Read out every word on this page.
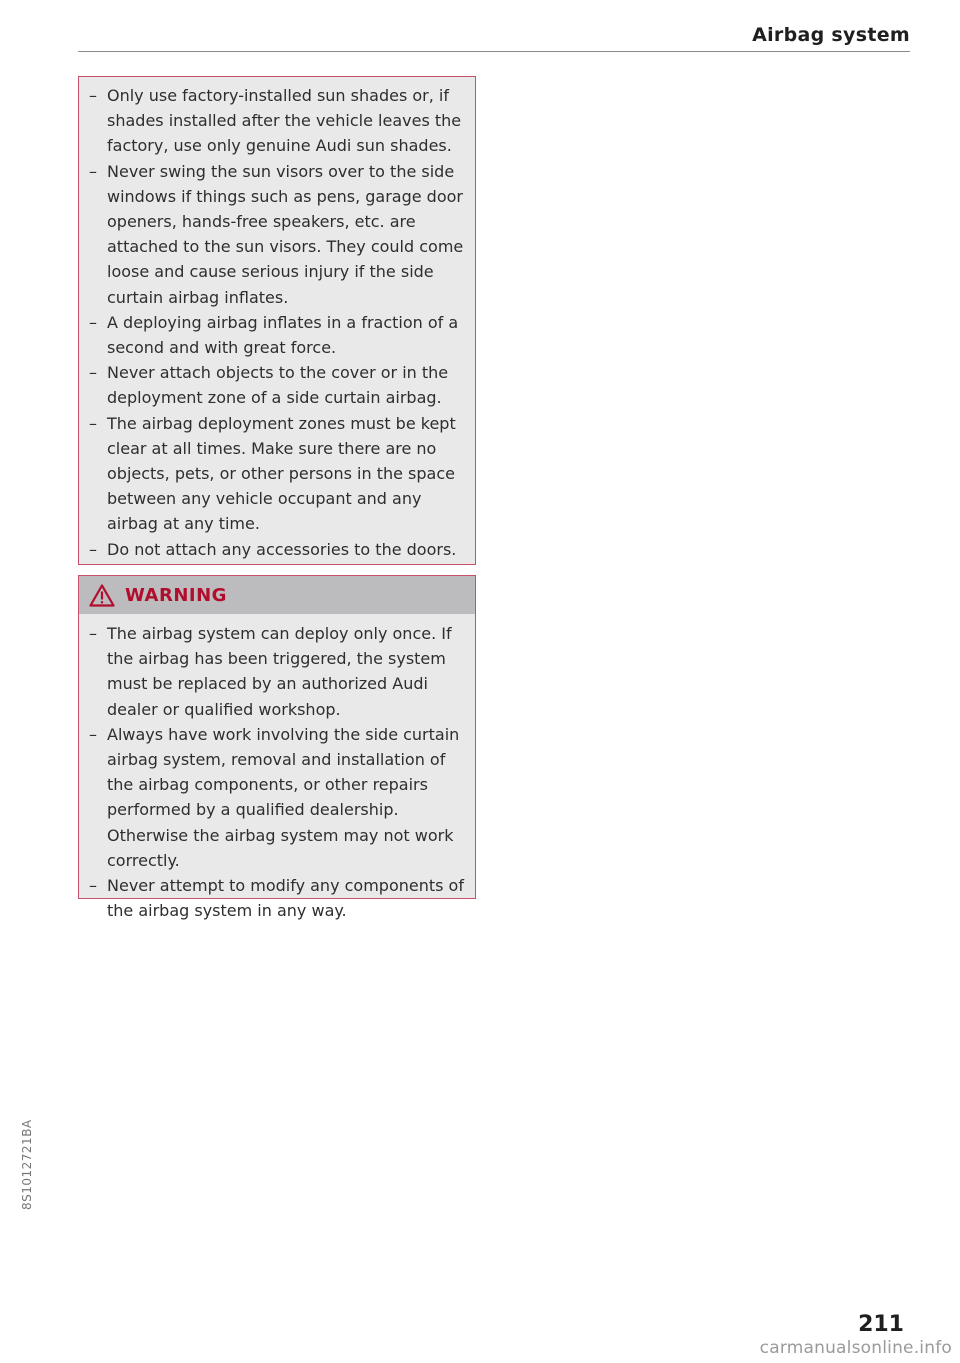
Airbag system
– Only use factory-installed sun shades or, if shades installed after the vehicle leaves the factory, use only genuine Audi sun shades.
– Never swing the sun visors over to the side windows if things such as pens, garage door openers, hands-free speakers, etc. are attached to the sun visors. They could come loose and cause serious injury if the side curtain airbag inflates.
– A deploying airbag inflates in a fraction of a second and with great force.
– Never attach objects to the cover or in the deployment zone of a side curtain airbag.
– The airbag deployment zones must be kept clear at all times. Make sure there are no objects, pets, or other persons in the space between any vehicle occupant and any airbag at any time.
– Do not attach any accessories to the doors.
WARNING
– The airbag system can deploy only once. If the airbag has been triggered, the system must be replaced by an authorized Audi dealer or qualified workshop.
– Always have work involving the side curtain airbag system, removal and installation of the airbag components, or other repairs performed by a qualified dealership. Otherwise the airbag system may not work correctly.
– Never attempt to modify any components of the airbag system in any way.
8S1012721BA
211
carmanualsonline.info
